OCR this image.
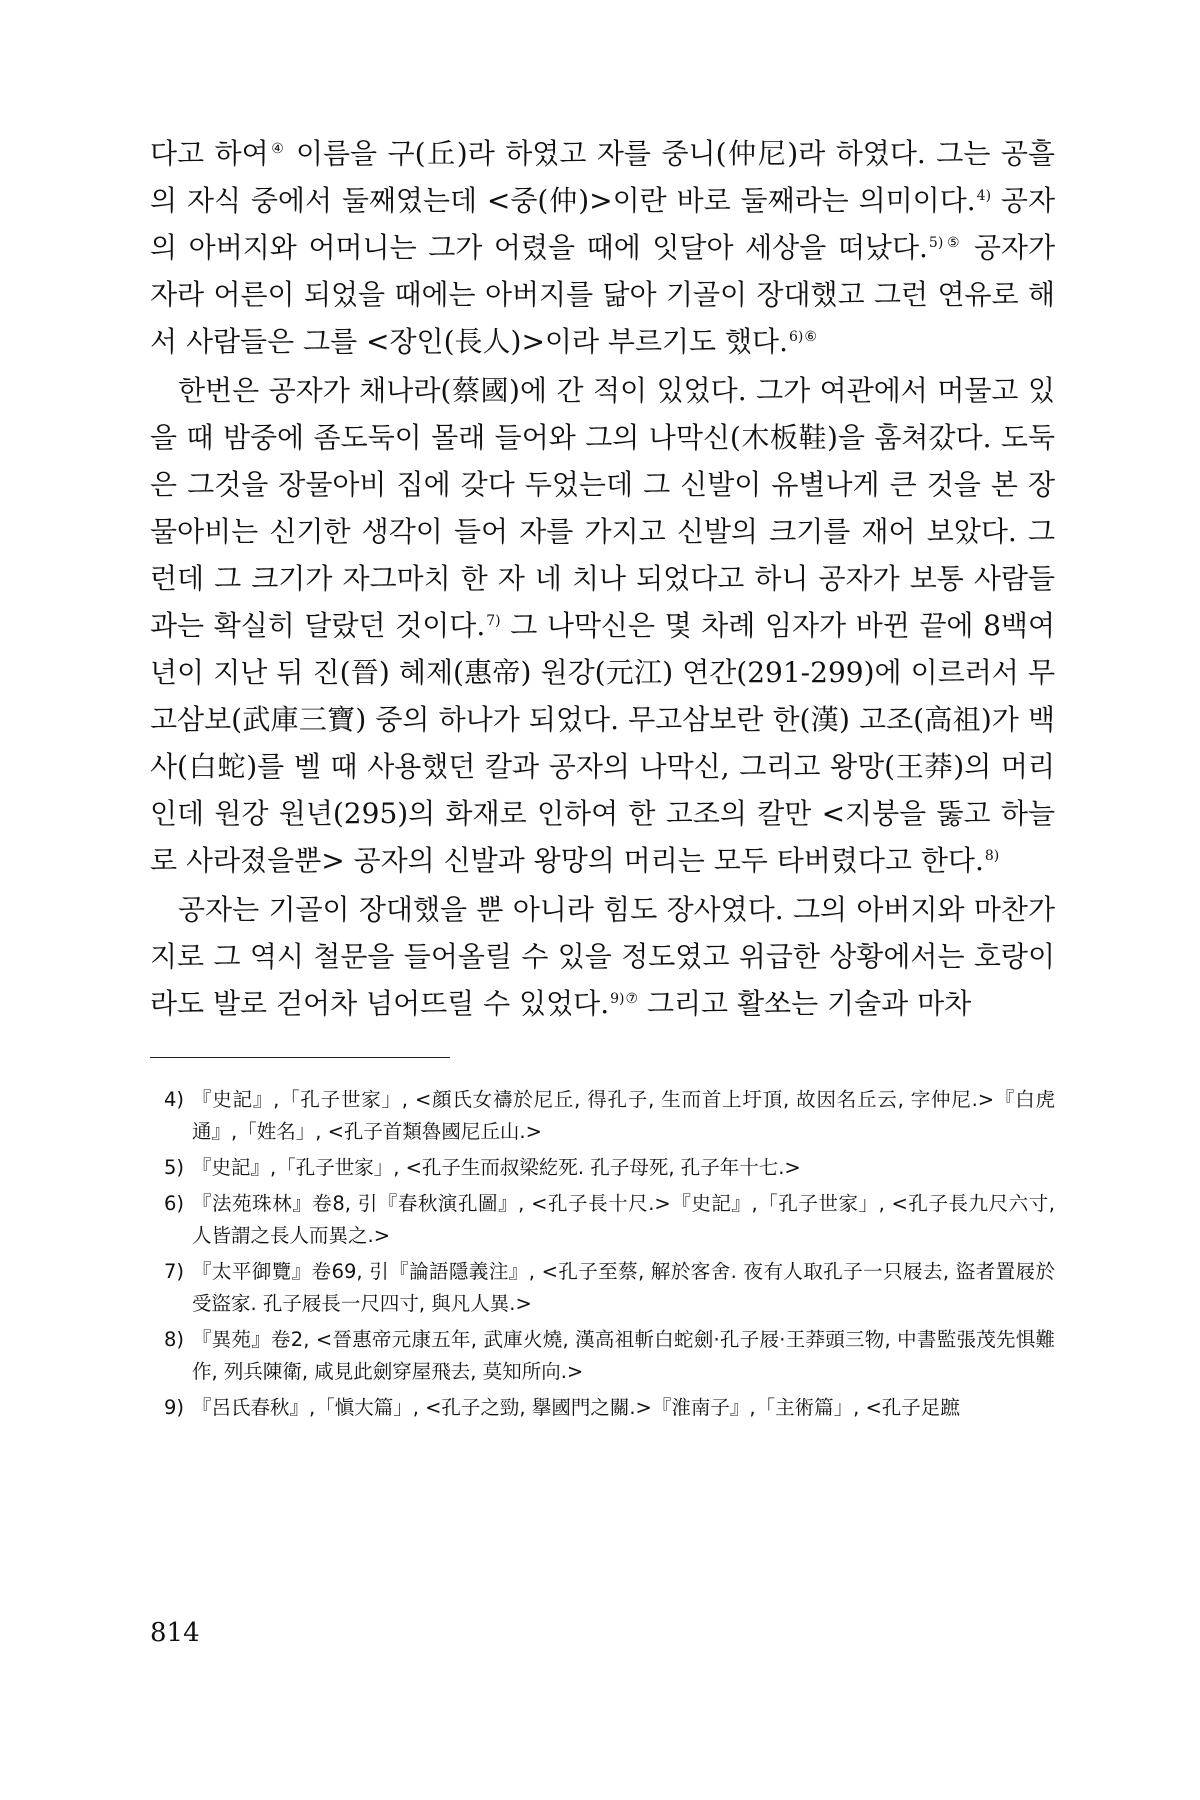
다고 하여④ 이름을 구(丘)라 하였고 자를 중니(仲尼)라 하였다. 그는 공흘의 자식 중에서 둘째였는데 <중(仲)>이란 바로 둘째라는 의미이다.$^{4)}$ 공자의 아버지와 어머니는 그가 어렸을 때에 잇달아 세상을 떠났다.$^{5)⑤}$ 공자가 자라 어른이 되었을 때에는 아버지를 닮아 기골이 장대했고 그런 연유로 해서 사람들은 그를 <장인(長人)>이라 부르기도 했다.$^{6)⑥}$

한번은 공자가 채나라(蔡國)에 간 적이 있었다. 그가 여관에서 머물고 있을 때 밤중에 좀도둑이 몰래 들어와 그의 나막신(木板鞋)을 훔쳐갔다. 도둑은 그것을 장물아비 집에 갖다 두었는데 그 신발이 유별나게 큰 것을 본 장물아비는 신기한 생각이 들어 자를 가지고 신발의 크기를 재어 보았다. 그런데 그 크기가 자그마치 한 자 네 치나 되었다고 하니 공자가 보통 사람들과는 확실히 달랐던 것이다.$^{7)}$ 그 나막신은 몇 차례 임자가 바뀐 끝에 8백여 년이 지난 뒤 진(晉) 혜제(惠帝) 원강(元江) 연간(291-299)에 이르러서 무고삼보(武庫三寶) 중의 하나가 되었다. 무고삼보란 한(漢) 고조(高祖)가 백사(白蛇)를 벨 때 사용했던 칼과 공자의 나막신, 그리고 왕망(王莽)의 머리인데 원강 원년(295)의 화재로 인하여 한 고조의 칼만 <지붕을 뚫고 하늘로 사라졌을뿐> 공자의 신발과 왕망의 머리는 모두 타버렸다고 한다.$^{8)}$

공자는 기골이 장대했을 뿐 아니라 힘도 장사였다. 그의 아버지와 마찬가지로 그 역시 철문을 들어올릴 수 있을 정도였고 위급한 상황에서는 호랑이라도 발로 걷어차 넘어뜨릴 수 있었다.$^{9)⑦}$ 그리고 활쏘는 기술과 마차

4) 『史記』,「孔子世家」, <顔氏女禱於尼丘, 得孔子, 生而首上圩頂, 故因名丘云, 字仲尼.>『白虎通』,「姓名」, <孔子首類魯國尼丘山.>
5) 『史記』,「孔子世家」, <孔子生而叔梁紇死. 孔子母死, 孔子年十七.>
6) 『法苑珠林』卷8, 引『春秋演孔圖』, <孔子長十尺.>『史記』,「孔子世家」, <孔子長九尺六寸, 人皆謂之長人而異之.>
7) 『太平御覽』卷69, 引『論語隱義注』, <孔子至蔡, 解於客舍. 夜有人取孔子一只屐去, 盜者置屐於受盜家. 孔子屐長一尺四寸, 與凡人異.>
8) 『異苑』卷2, <晉惠帝元康五年, 武庫火燒, 漢高祖斬白蛇劍·孔子屐·王莽頭三物, 中書監張茂先惧難作, 列兵陳衛, 咸見此劍穿屋飛去, 莫知所向.>
9) 『呂氏春秋』,「愼大篇」, <孔子之勁, 擧國門之關.>『淮南子』,「主術篇」, <孔子足蹠
814
